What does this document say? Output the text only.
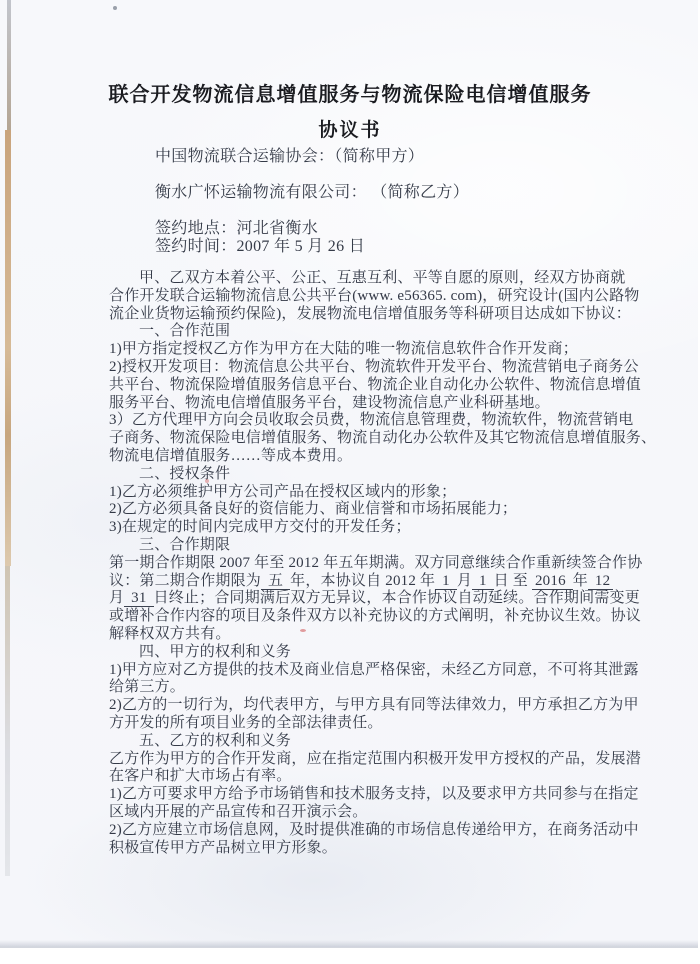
联合开发物流信息增值服务与物流保险电信增值服务
协议书
中国物流联合运输协会：（简称甲方）
衡水广怀运输物流有限公司： （简称乙方）
签约地点：河北省衡水
签约时间：2007 年 5 月 26 日
甲、乙双方本着公平、公正、互惠互利、平等自愿的原则，经双方协商就
合作开发联合运输物流信息公共平台(www. e56365. com)，研究设计(国内公路物
流企业货物运输预约保险)，发展物流电信增值服务等科研项目达成如下协议：
一、合作范围
1)甲方指定授权乙方作为甲方在大陆的唯一物流信息软件合作开发商；
2)授权开发项目：物流信息公共平台、物流软件开发平台、物流营销电子商务公
共平台、物流保险增值服务信息平台、物流企业自动化办公软件、物流信息增值
服务平台、物流电信增值服务平台，建设物流信息产业科研基地。
3）乙方代理甲方向会员收取会员费，物流信息管理费，物流软件，物流营销电
子商务、物流保险电信增值服务、物流自动化办公软件及其它物流信息增值服务、
物流电信增值服务……等成本费用。
二、授权条件
1)乙方必须维护甲方公司产品在授权区域内的形象；
2)乙方必须具备良好的资信能力、商业信誉和市场拓展能力；
3)在规定的时间内完成甲方交付的开发任务；
三、合作期限
第一期合作期限 2007 年至 2012 年五年期满。双方同意继续合作重新续签合作协
议：第二期合作期限为 五 年，本协议自 2012 年 1 月 1 日 至 2016 年 12
月 31 日终止；合同期满后双方无异议，本合作协议自动延续。合作期间需变更
或增补合作内容的项目及条件双方以补充协议的方式阐明，补充协议生效。协议
解释权双方共有。
四、甲方的权利和义务
1)甲方应对乙方提供的技术及商业信息严格保密，未经乙方同意，不可将其泄露
给第三方。
2)乙方的一切行为，均代表甲方，与甲方具有同等法律效力，甲方承担乙方为甲
方开发的所有项目业务的全部法律责任。
五、乙方的权利和义务
乙方作为甲方的合作开发商，应在指定范围内积极开发甲方授权的产品，发展潜
在客户和扩大市场占有率。
1)乙方可要求甲方给予市场销售和技术服务支持，以及要求甲方共同参与在指定
区域内开展的产品宣传和召开演示会。
2)乙方应建立市场信息网，及时提供准确的市场信息传递给甲方，在商务活动中
积极宣传甲方产品树立甲方形象。
